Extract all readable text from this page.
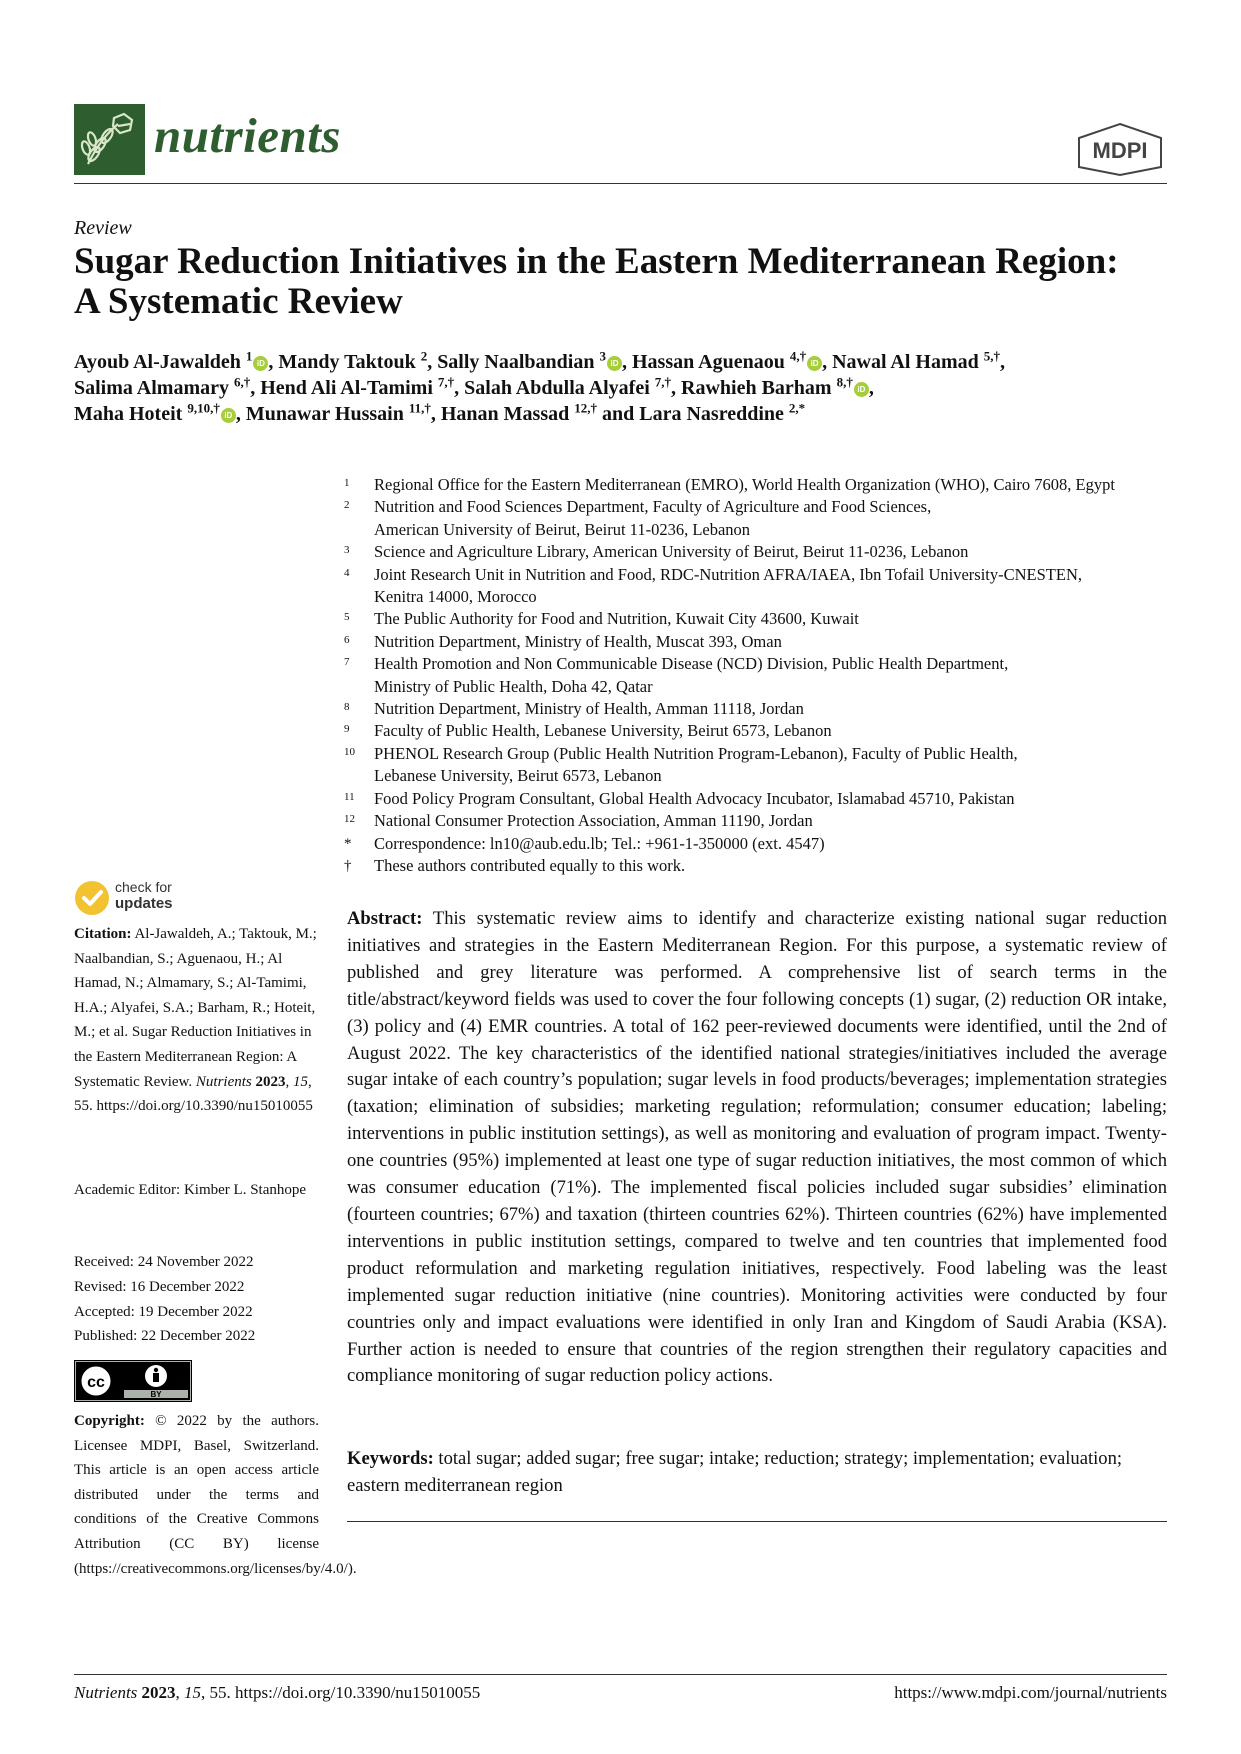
nutrients	MDPI
Review
Sugar Reduction Initiatives in the Eastern Mediterranean Region: A Systematic Review
Ayoub Al-Jawaldeh $^1$iD , Mandy Taktouk $^2$, Sally Naalbandian $^3$iD , Hassan Aguenaou $^{4,\dagger}$iD , Nawal Al Hamad $^{5,\dagger}$,
Salima Almamary $^{6,\dagger}$, Hend Ali Al-Tamimi $^{7,\dagger}$, Salah Abdulla Alyafei $^{7,\dagger}$, Rawhieh Barham $^{8,\dagger}$iD ,
Maha Hoteit $^{9,10,\dagger}$iD , Munawar Hussain $^{11,\dagger}$, Hanan Massad $^{12,\dagger}$ and Lara Nasreddine $^{2,*}$
1	Regional Office for the Eastern Mediterranean (EMRO), World Health Organization (WHO), Cairo 7608, Egypt
2	Nutrition and Food Sciences Department, Faculty of Agriculture and Food Sciences,
American University of Beirut, Beirut 11-0236, Lebanon
3	Science and Agriculture Library, American University of Beirut, Beirut 11-0236, Lebanon
4	Joint Research Unit in Nutrition and Food, RDC-Nutrition AFRA/IAEA, Ibn Tofail University-CNESTEN,
Kenitra 14000, Morocco
5	The Public Authority for Food and Nutrition, Kuwait City 43600, Kuwait
6	Nutrition Department, Ministry of Health, Muscat 393, Oman
7	Health Promotion and Non Communicable Disease (NCD) Division, Public Health Department,
Ministry of Public Health, Doha 42, Qatar
8	Nutrition Department, Ministry of Health, Amman 11118, Jordan
9	Faculty of Public Health, Lebanese University, Beirut 6573, Lebanon
10	PHENOL Research Group (Public Health Nutrition Program-Lebanon), Faculty of Public Health,
Lebanese University, Beirut 6573, Lebanon
11	Food Policy Program Consultant, Global Health Advocacy Incubator, Islamabad 45710, Pakistan
12	National Consumer Protection Association, Amman 11190, Jordan
*	Correspondence: ln10@aub.edu.lb; Tel.: +961-1-350000 (ext. 4547)
†	These authors contributed equally to this work.
Abstract: This systematic review aims to identify and characterize existing national sugar reduction initiatives and strategies in the Eastern Mediterranean Region. For this purpose, a systematic review of published and grey literature was performed. A comprehensive list of search terms in the title/abstract/keyword fields was used to cover the four following concepts (1) sugar, (2) reduction OR intake, (3) policy and (4) EMR countries. A total of 162 peer-reviewed documents were identified, until the 2nd of August 2022. The key characteristics of the identified national strategies/initiatives included the average sugar intake of each country’s population; sugar levels in food products/beverages; implementation strategies (taxation; elimination of subsidies; marketing regulation; reformulation; consumer education; labeling; interventions in public institution settings), as well as monitoring and evaluation of program impact. Twenty-one countries (95%) implemented at least one type of sugar reduction initiatives, the most common of which was consumer education (71%). The implemented fiscal policies included sugar subsidies’ elimination (fourteen countries; 67%) and taxation (thirteen countries 62%). Thirteen countries (62%) have implemented interventions in public institution settings, compared to twelve and ten countries that implemented food product reformulation and marketing regulation initiatives, respectively. Food labeling was the least implemented sugar reduction initiative (nine countries). Monitoring activities were conducted by four countries only and impact evaluations were identified in only Iran and Kingdom of Saudi Arabia (KSA). Further action is needed to ensure that countries of the region strengthen their regulatory capacities and compliance monitoring of sugar reduction policy actions.
Keywords: total sugar; added sugar; free sugar; intake; reduction; strategy; implementation; evaluation; eastern mediterranean region
check for
updates
Citation: Al-Jawaldeh, A.; Taktouk, M.; Naalbandian, S.; Aguenaou, H.; Al Hamad, N.; Almamary, S.; Al-Tamimi, H.A.; Alyafei, S.A.; Barham, R.; Hoteit, M.; et al. Sugar Reduction Initiatives in the Eastern Mediterranean Region: A Systematic Review. Nutrients 2023, 15, 55. https://doi.org/10.3390/nu15010055
Academic Editor: Kimber L. Stanhope
Received: 24 November 2022
Revised: 16 December 2022
Accepted: 19 December 2022
Published: 22 December 2022
cc
BY
Copyright: © 2022 by the authors. Licensee MDPI, Basel, Switzerland. This article is an open access article distributed under the terms and conditions of the Creative Commons Attribution (CC BY) license (https://creativecommons.org/licenses/by/4.0/).
Nutrients 2023, 15, 55. https://doi.org/10.3390/nu15010055	https://www.mdpi.com/journal/nutrients
